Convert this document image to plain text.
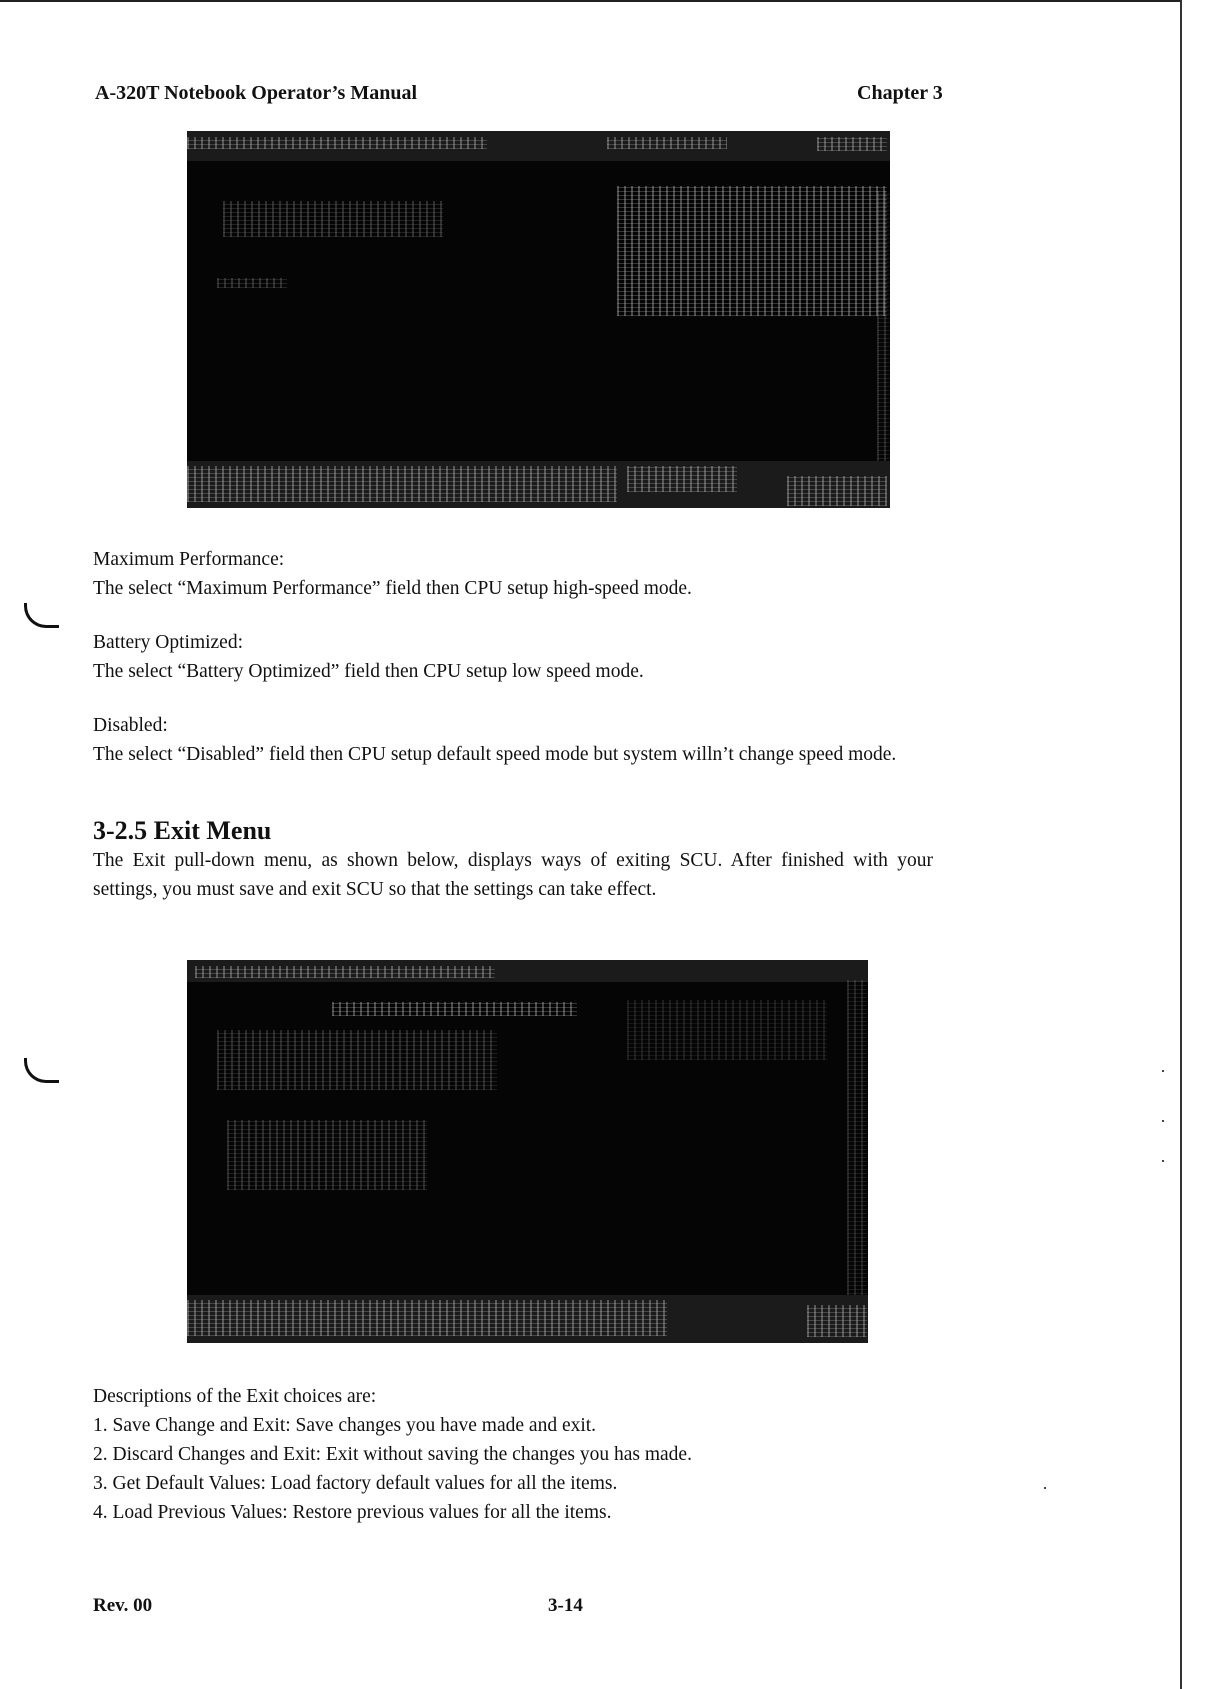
A-320T Notebook Operator’s Manual	Chapter 3
Maximum Performance:
The select “Maximum Performance” field then CPU setup high-speed mode.
Battery Optimized:
The select “Battery Optimized” field then CPU setup low speed mode.
Disabled:
The select “Disabled” field then CPU setup default speed mode but system willn’t change speed mode.
3-2.5 Exit Menu
The Exit pull-down menu, as shown below, displays ways of exiting SCU. After finished with your settings, you must save and exit SCU so that the settings can take effect.
Descriptions of the Exit choices are:
1. Save Change and Exit: Save changes you have made and exit.
2. Discard Changes and Exit: Exit without saving the changes you has made.
3. Get Default Values: Load factory default values for all the items.
4. Load Previous Values: Restore previous values for all the items.
Rev. 00	3-14
